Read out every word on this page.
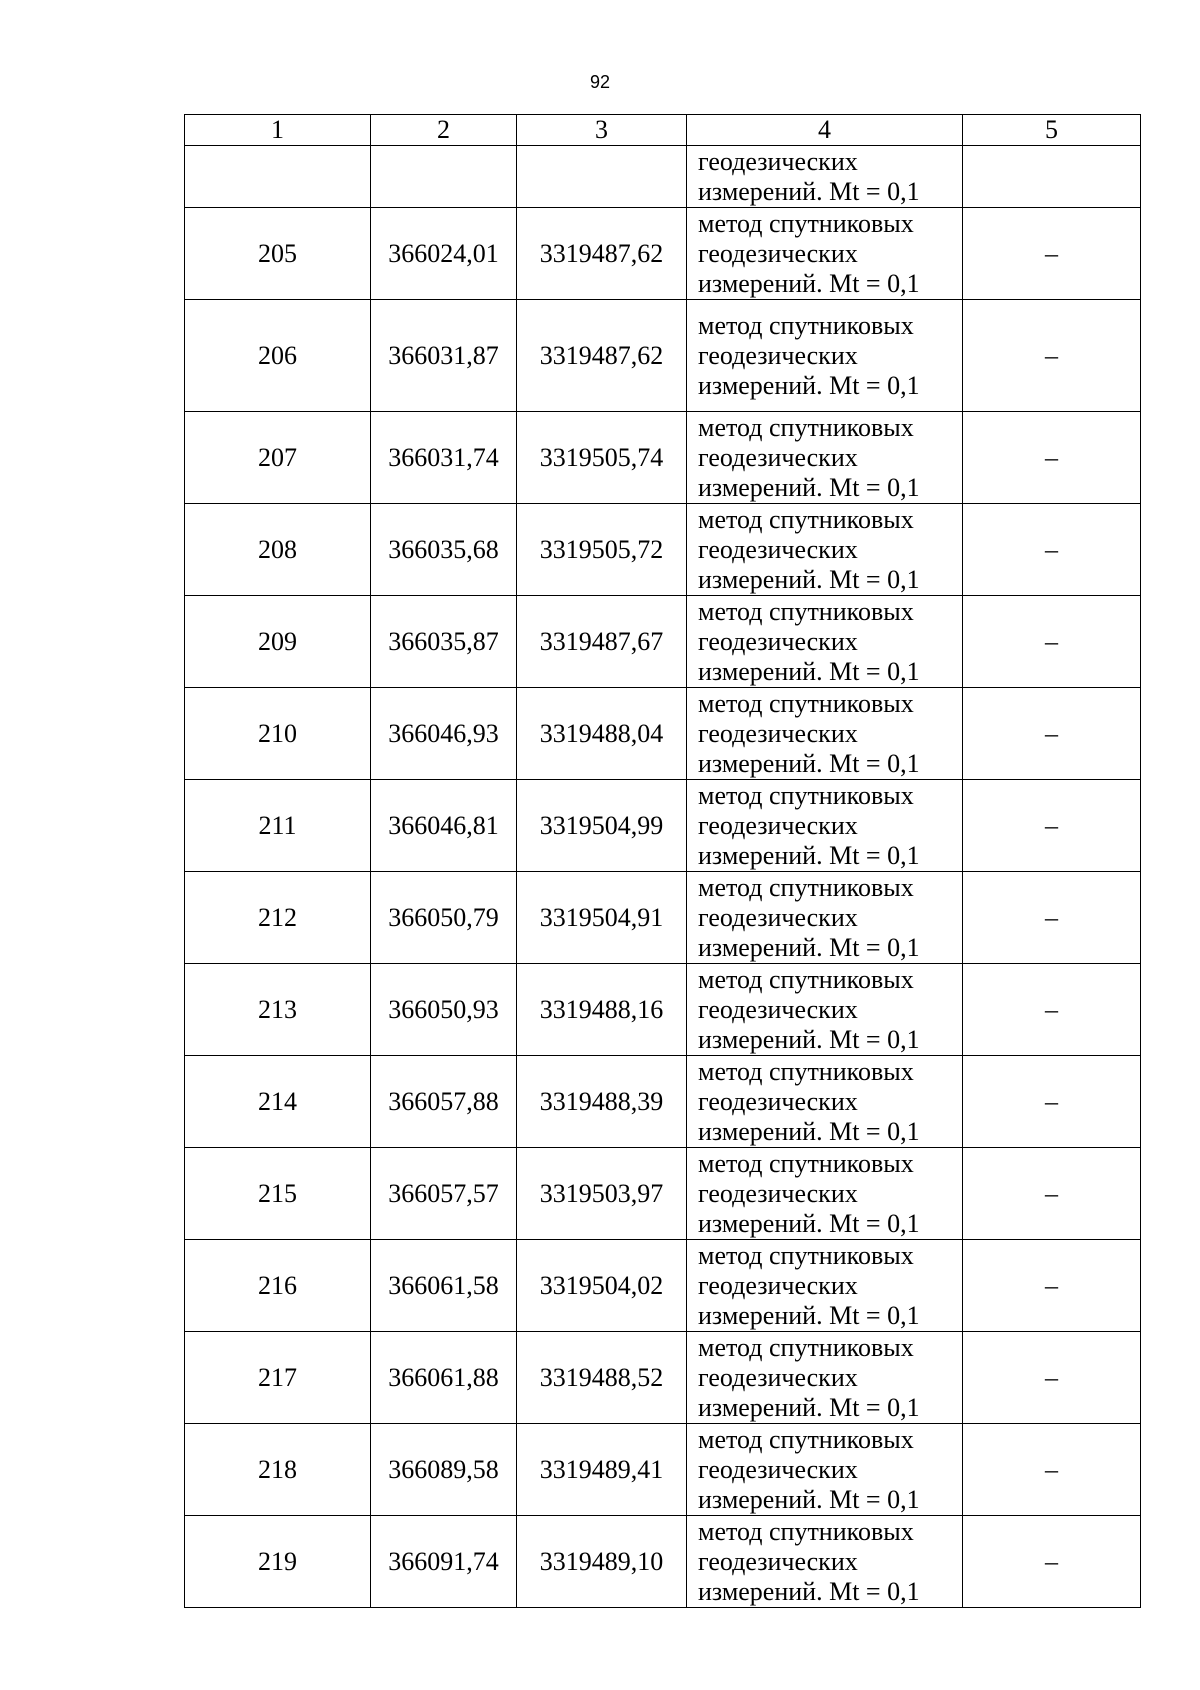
92
1	2	3	4	5

			геодезических
измерений. Mt = 0,1	

205	366024,01	3319487,62	метод спутниковых
геодезических
измерений. Mt = 0,1	–
206	366031,87	3319487,62	метод спутниковых
геодезических
измерений. Mt = 0,1	–
207	366031,74	3319505,74	метод спутниковых
геодезических
измерений. Mt = 0,1	–
208	366035,68	3319505,72	метод спутниковых
геодезических
измерений. Mt = 0,1	–
209	366035,87	3319487,67	метод спутниковых
геодезических
измерений. Mt = 0,1	–
210	366046,93	3319488,04	метод спутниковых
геодезических
измерений. Mt = 0,1	–
211	366046,81	3319504,99	метод спутниковых
геодезических
измерений. Mt = 0,1	–
212	366050,79	3319504,91	метод спутниковых
геодезических
измерений. Mt = 0,1	–
213	366050,93	3319488,16	метод спутниковых
геодезических
измерений. Mt = 0,1	–
214	366057,88	3319488,39	метод спутниковых
геодезических
измерений. Mt = 0,1	–
215	366057,57	3319503,97	метод спутниковых
геодезических
измерений. Mt = 0,1	–
216	366061,58	3319504,02	метод спутниковых
геодезических
измерений. Mt = 0,1	–
217	366061,88	3319488,52	метод спутниковых
геодезических
измерений. Mt = 0,1	–
218	366089,58	3319489,41	метод спутниковых
геодезических
измерений. Mt = 0,1	–
219	366091,74	3319489,10	метод спутниковых
геодезических
измерений. Mt = 0,1	–
